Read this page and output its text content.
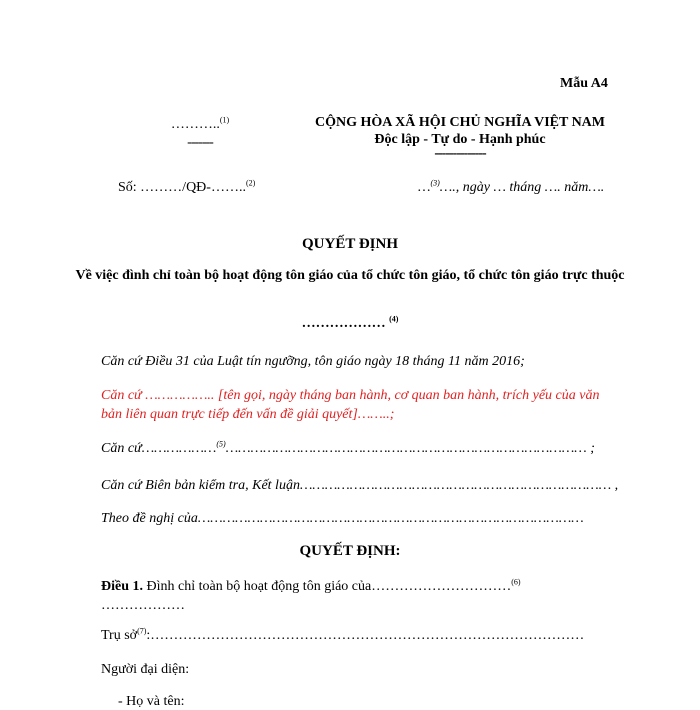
Mẫu A4
………..$^{(1)}$
-------
CỘNG HÒA XÃ HỘI CHỦ NGHĨA VIỆT NAM
Độc lập - Tự do - Hạnh phúc
--------------
Số: ………/QĐ-……..$^{(2)}$	…$^{(3)}$…., ngày … tháng …. năm….
QUYẾT ĐỊNH
Về việc đình chỉ toàn bộ hoạt động tôn giáo của tổ chức tôn giáo, tổ chức tôn giáo trực thuộc
……………… $^{(4)}$
Căn cứ Điều 31 của Luật tín ngưỡng, tôn giáo ngày 18 tháng 11 năm 2016;
Căn cứ …………….. [tên gọi, ngày tháng ban hành, cơ quan ban hành, trích yếu của văn bản liên quan trực tiếp đến vấn đề giải quyết]……..;
Căn cứ………………$^{(5)}$…………………………………………………………………………… ;
Căn cứ Biên bản kiểm tra, Kết luận………………………………………………………………… ,
Theo đề nghị của…………………………………………………………………………………
QUYẾT ĐỊNH:
Điều 1. Đình chỉ toàn bộ hoạt động tôn giáo của…………………………$^{(6)}$
………………
Trụ sở$^{(7)}$:…………………………………………………………………………………
Người đại diện:
- Họ và tên:
